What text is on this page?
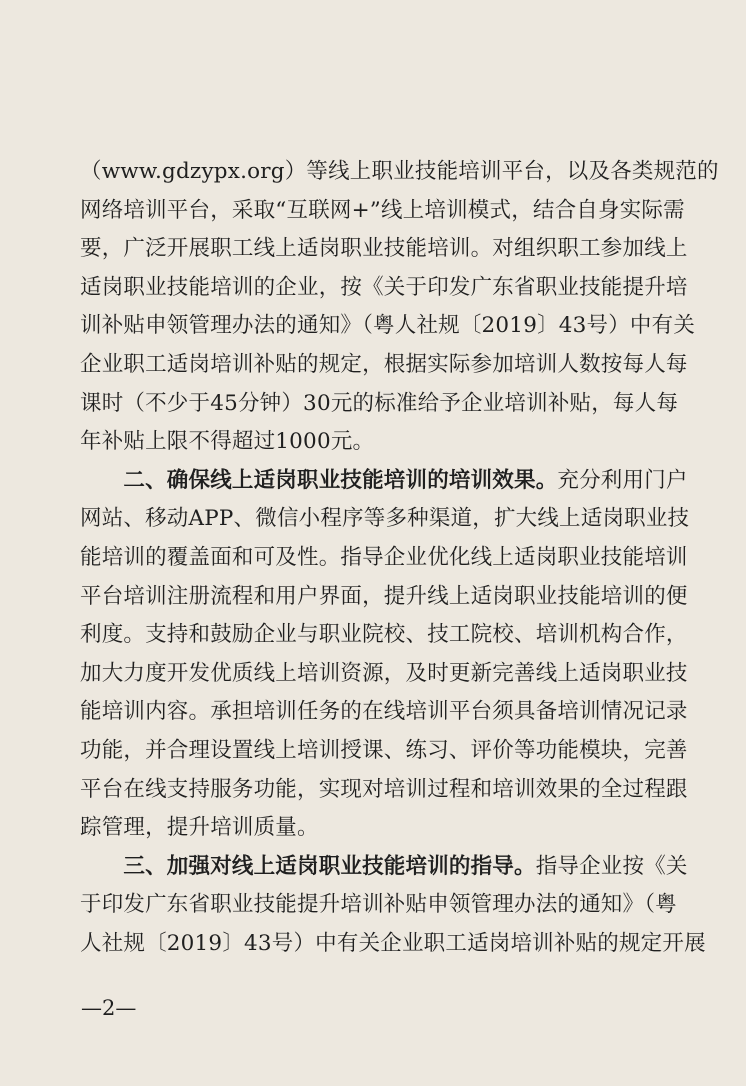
（www.gdzypx.org）等线上职业技能培训平台，以及各类规范的
网络培训平台，采取“互联网+”线上培训模式，结合自身实际需
要，广泛开展职工线上适岗职业技能培训。对组织职工参加线上
适岗职业技能培训的企业，按《关于印发广东省职业技能提升培
训补贴申领管理办法的通知》（粤人社规〔2019〕43号）中有关
企业职工适岗培训补贴的规定，根据实际参加培训人数按每人每
课时（不少于45分钟）30元的标准给予企业培训补贴，每人每
年补贴上限不得超过1000元。
　　二、确保线上适岗职业技能培训的培训效果。充分利用门户
网站、移动APP、微信小程序等多种渠道，扩大线上适岗职业技
能培训的覆盖面和可及性。指导企业优化线上适岗职业技能培训
平台培训注册流程和用户界面，提升线上适岗职业技能培训的便
利度。支持和鼓励企业与职业院校、技工院校、培训机构合作，
加大力度开发优质线上培训资源，及时更新完善线上适岗职业技
能培训内容。承担培训任务的在线培训平台须具备培训情况记录
功能，并合理设置线上培训授课、练习、评价等功能模块，完善
平台在线支持服务功能，实现对培训过程和培训效果的全过程跟
踪管理，提升培训质量。
　　三、加强对线上适岗职业技能培训的指导。指导企业按《关
于印发广东省职业技能提升培训补贴申领管理办法的通知》（粤
人社规〔2019〕43号）中有关企业职工适岗培训补贴的规定开展
—2—
